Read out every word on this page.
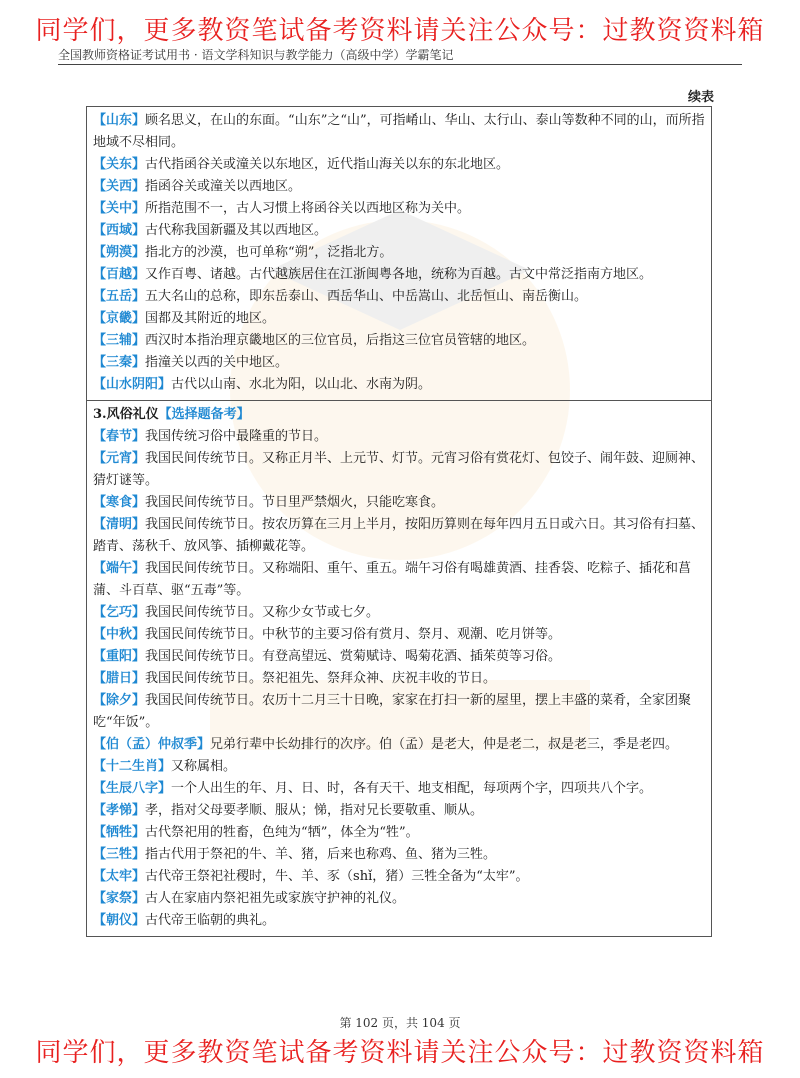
同学们，更多教资笔试备考资料请关注公众号：过教资资料箱
全国教师资格证考试用书 · 语文学科知识与教学能力（高级中学）学霸笔记
续表
【山东】顾名思义，在山的东面。“山东”之“山”，可指崤山、华山、太行山、泰山等数种不同的山，而所指地域不尽相同。
【关东】古代指函谷关或潼关以东地区，近代指山海关以东的东北地区。
【关西】指函谷关或潼关以西地区。
【关中】所指范围不一，古人习惯上将函谷关以西地区称为关中。
【西域】古代称我国新疆及其以西地区。
【朔漠】指北方的沙漠，也可单称“朔”，泛指北方。
【百越】又作百粤、诸越。古代越族居住在江浙闽粤各地，统称为百越。古文中常泛指南方地区。
【五岳】五大名山的总称，即东岳泰山、西岳华山、中岳嵩山、北岳恒山、南岳衡山。
【京畿】国都及其附近的地区。
【三辅】西汉时本指治理京畿地区的三位官员，后指这三位官员管辖的地区。
【三秦】指潼关以西的关中地区。
【山水阴阳】古代以山南、水北为阳，以山北、水南为阴。
3.风俗礼仪【选择题备考】
【春节】我国传统习俗中最隆重的节日。
【元宵】我国民间传统节日。又称正月半、上元节、灯节。元宵习俗有赏花灯、包饺子、闹年鼓、迎厕神、猜灯谜等。
【寒食】我国民间传统节日。节日里严禁烟火，只能吃寒食。
【清明】我国民间传统节日。按农历算在三月上半月，按阳历算则在每年四月五日或六日。其习俗有扫墓、踏青、荡秋千、放风筝、插柳戴花等。
【端午】我国民间传统节日。又称端阳、重午、重五。端午习俗有喝雄黄酒、挂香袋、吃粽子、插花和菖蒲、斗百草、驱“五毒”等。
【乞巧】我国民间传统节日。又称少女节或七夕。
【中秋】我国民间传统节日。中秋节的主要习俗有赏月、祭月、观潮、吃月饼等。
【重阳】我国民间传统节日。有登高望远、赏菊赋诗、喝菊花酒、插茱萸等习俗。
【腊日】我国民间传统节日。祭祀祖先、祭拜众神、庆祝丰收的节日。
【除夕】我国民间传统节日。农历十二月三十日晚，家家在打扫一新的屋里，摆上丰盛的菜肴，全家团聚吃“年饭”。
【伯（孟）仲叔季】兄弟行辈中长幼排行的次序。伯（孟）是老大，仲是老二，叔是老三，季是老四。
【十二生肖】又称属相。
【生辰八字】一个人出生的年、月、日、时，各有天干、地支相配，每项两个字，四项共八个字。
【孝悌】孝，指对父母要孝顺、服从；悌，指对兄长要敬重、顺从。
【牺牲】古代祭祀用的牲畜，色纯为“牺”，体全为“牲”。
【三牲】指古代用于祭祀的牛、羊、猪，后来也称鸡、鱼、猪为三牲。
【太牢】古代帝王祭祀社稷时，牛、羊、豕（shǐ，猪）三牲全备为“太牢”。
【家祭】古人在家庙内祭祀祖先或家族守护神的礼仪。
【朝仪】古代帝王临朝的典礼。
第 102 页，共 104 页
同学们，更多教资笔试备考资料请关注公众号：过教资资料箱
